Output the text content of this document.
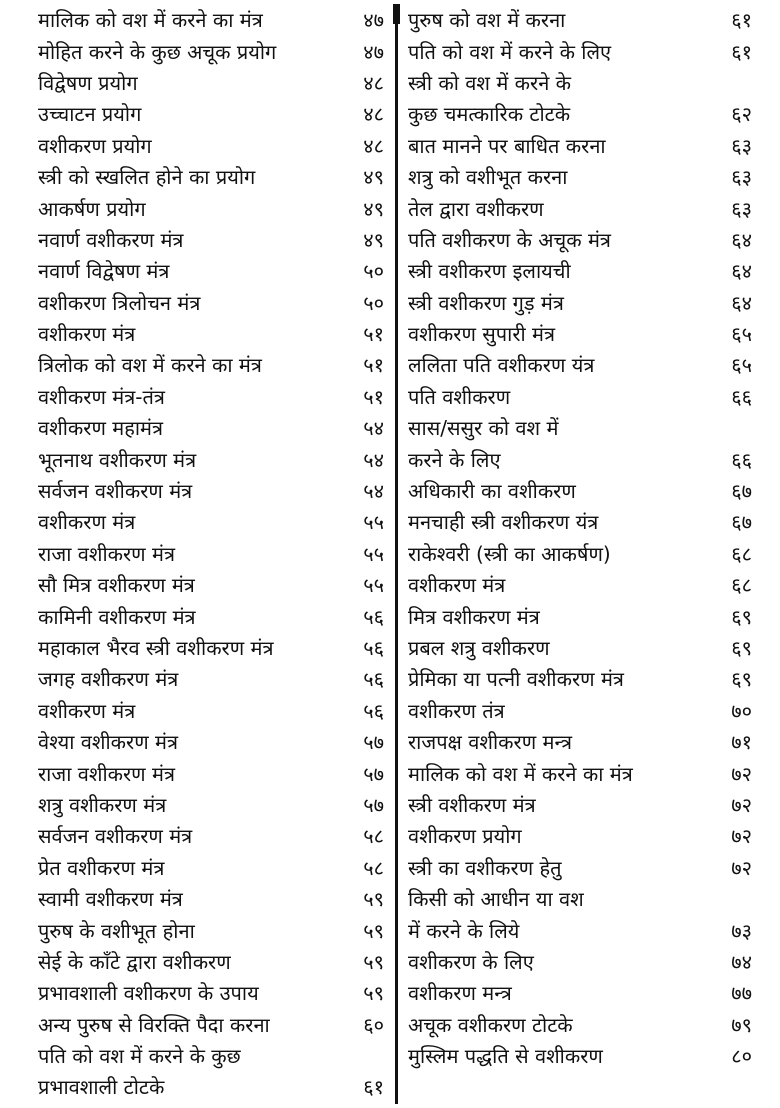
मालिक को वश में करने का मंत्र	४७
मोहित करने के कुछ अचूक प्रयोग	४७
विद्वेषण प्रयोग	४८
उच्चाटन प्रयोग	४८
वशीकरण प्रयोग	४८
स्त्री को स्खलित होने का प्रयोग	४९
आकर्षण प्रयोग	४९
नवार्ण वशीकरण मंत्र	४९
नवार्ण विद्वेषण मंत्र	५०
वशीकरण त्रिलोचन मंत्र	५०
वशीकरण मंत्र	५१
त्रिलोक को वश में करने का मंत्र	५१
वशीकरण मंत्र-तंत्र	५१
वशीकरण महामंत्र	५४
भूतनाथ वशीकरण मंत्र	५४
सर्वजन वशीकरण मंत्र	५४
वशीकरण मंत्र	५५
राजा वशीकरण मंत्र	५५
सौ मित्र वशीकरण मंत्र	५५
कामिनी वशीकरण मंत्र	५६
महाकाल भैरव स्त्री वशीकरण मंत्र	५६
जगह वशीकरण मंत्र	५६
वशीकरण मंत्र	५६
वेश्या वशीकरण मंत्र	५७
राजा वशीकरण मंत्र	५७
शत्रु वशीकरण मंत्र	५७
सर्वजन वशीकरण मंत्र	५८
प्रेत वशीकरण मंत्र	५८
स्वामी वशीकरण मंत्र	५९
पुरुष के वशीभूत होना	५९
सेई के काँटे द्वारा वशीकरण	५९
प्रभावशाली वशीकरण के उपाय	५९
अन्य पुरुष से विरक्ति पैदा करना	६०
पति को वश में करने के कुछ
प्रभावशाली टोटके	६१
पुरुष को वश में करना	६१
पति को वश में करने के लिए	६१
स्त्री को वश में करने के
कुछ चमत्कारिक टोटके	६२
बात मानने पर बाधित करना	६३
शत्रु को वशीभूत करना	६३
तेल द्वारा वशीकरण	६३
पति वशीकरण के अचूक मंत्र	६४
स्त्री वशीकरण इलायची	६४
स्त्री वशीकरण गुड़ मंत्र	६४
वशीकरण सुपारी मंत्र	६५
ललिता पति वशीकरण यंत्र	६५
पति वशीकरण	६६
सास/ससुर को वश में
करने के लिए	६६
अधिकारी का वशीकरण	६७
मनचाही स्त्री वशीकरण यंत्र	६७
राकेश्वरी (स्त्री का आकर्षण)	६८
वशीकरण मंत्र	६८
मित्र वशीकरण मंत्र	६९
प्रबल शत्रु वशीकरण	६९
प्रेमिका या पत्नी वशीकरण मंत्र	६९
वशीकरण तंत्र	७०
राजपक्ष वशीकरण मन्त्र	७१
मालिक को वश में करने का मंत्र	७२
स्त्री वशीकरण मंत्र	७२
वशीकरण प्रयोग	७२
स्त्री का वशीकरण हेतु	७२
किसी को आधीन या वश
में करने के लिये	७३
वशीकरण के लिए	७४
वशीकरण मन्त्र	७७
अचूक वशीकरण टोटके	७९
मुस्लिम पद्धति से वशीकरण	८०
